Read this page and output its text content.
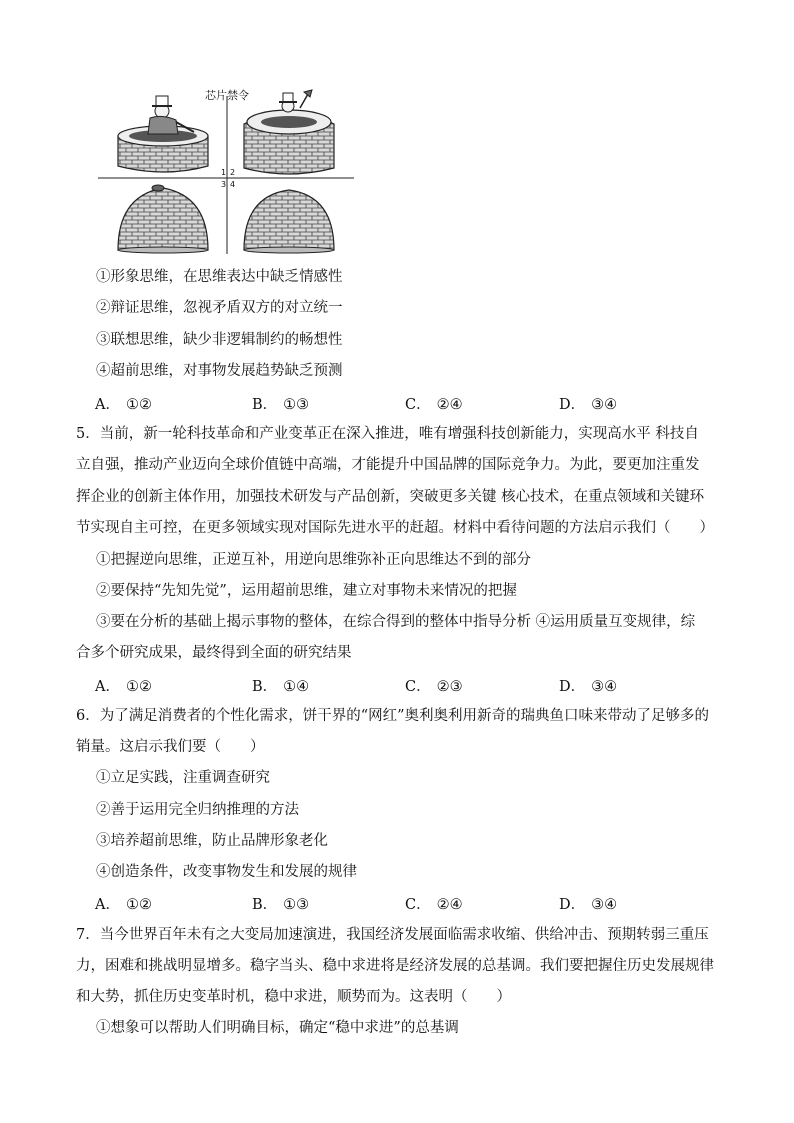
芯片禁令
1 2
3 4
①形象思维，在思维表达中缺乏情感性
②辩证思维，忽视矛盾双方的对立统一
③联想思维，缺少非逻辑制约的畅想性
④超前思维，对事物发展趋势缺乏预测
A． ①②	B． ①③	C． ②④	D． ③④
5．当前，新一轮科技革命和产业变革正在深入推进，唯有增强科技创新能力，实现高水平 科技自
立自强，推动产业迈向全球价值链中高端，才能提升中国品牌的国际竞争力。为此，要更加注重发
挥企业的创新主体作用，加强技术研发与产品创新，突破更多关键 核心技术，在重点领域和关键环
节实现自主可控，在更多领域实现对国际先进水平的赶超。材料中看待问题的方法启示我们（　　）
①把握逆向思维，正逆互补，用逆向思维弥补正向思维达不到的部分
②要保持“先知先觉”，运用超前思维，建立对事物未来情况的把握
③要在分析的基础上揭示事物的整体，在综合得到的整体中指导分析 ④运用质量互变规律，综
合多个研究成果，最终得到全面的研究结果
A． ①②	B． ①④	C． ②③	D． ③④
6．为了满足消费者的个性化需求，饼干界的“网红”奥利奥利用新奇的瑞典鱼口味来带动了足够多的
销量。这启示我们要（　　）
①立足实践，注重调查研究
②善于运用完全归纳推理的方法
③培养超前思维，防止品牌形象老化
④创造条件，改变事物发生和发展的规律
A． ①②	B． ①③	C． ②④	D． ③④
7．当今世界百年未有之大变局加速演进，我国经济发展面临需求收缩、供给冲击、预期转弱三重压
力，困难和挑战明显增多。稳字当头、稳中求进将是经济发展的总基调。我们要把握住历史发展规律
和大势，抓住历史变革时机，稳中求进，顺势而为。这表明（　　）
①想象可以帮助人们明确目标，确定“稳中求进”的总基调
